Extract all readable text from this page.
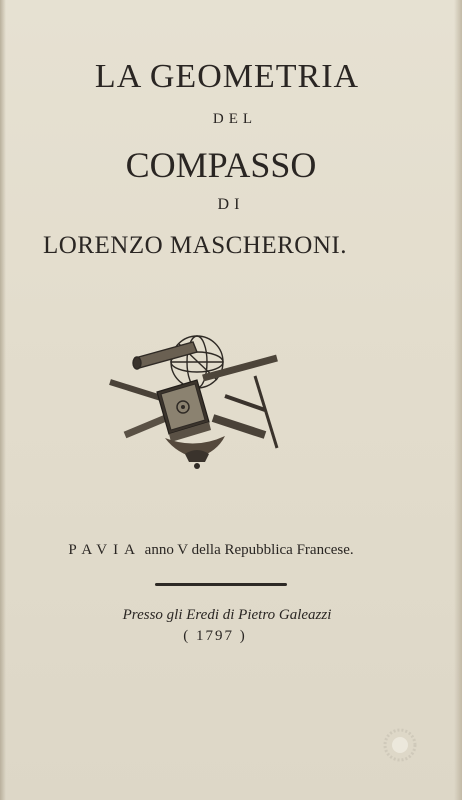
LA GEOMETRIA

DEL

COMPASSO

DI

LORENZO MASCHERONI.

PAVIA anno V della Repubblica Francese.

Presso gli Eredi di Pietro Galeazzi

( 1797 )
